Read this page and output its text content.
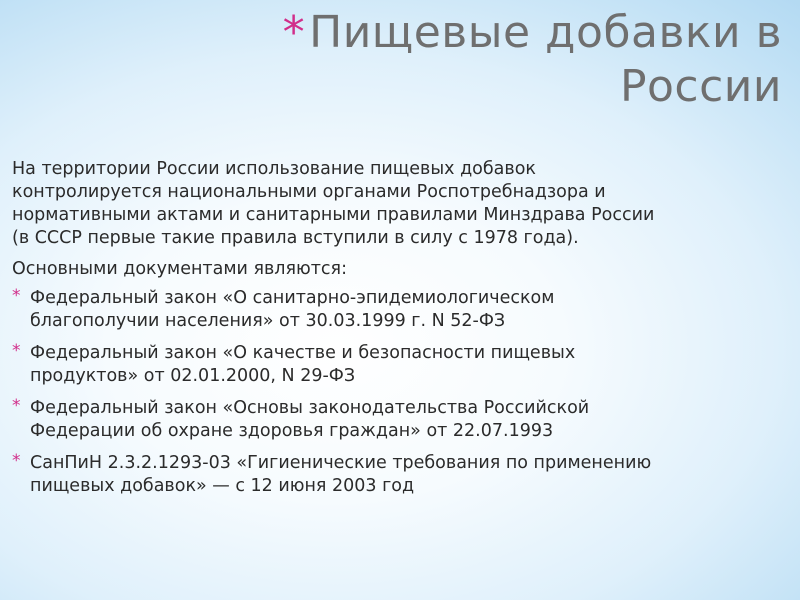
*Пищевые добавки в России

На территории России использование пищевых добавок контролируется национальными органами Роспотребнадзора и нормативными актами и санитарными правилами Минздрава России (в СССР первые такие правила вступили в силу с 1978 года).

Основными документами являются:

* Федеральный закон «О санитарно-эпидемиологическом благополучии населения» от 30.03.1999 г. N 52-ФЗ
* Федеральный закон «О качестве и безопасности пищевых продуктов» от 02.01.2000, N 29-ФЗ
* Федеральный закон «Основы законодательства Российской Федерации об охране здоровья граждан» от 22.07.1993
* СанПиН 2.3.2.1293-03 «Гигиенические требования по применению пищевых добавок» — с 12 июня 2003 год
